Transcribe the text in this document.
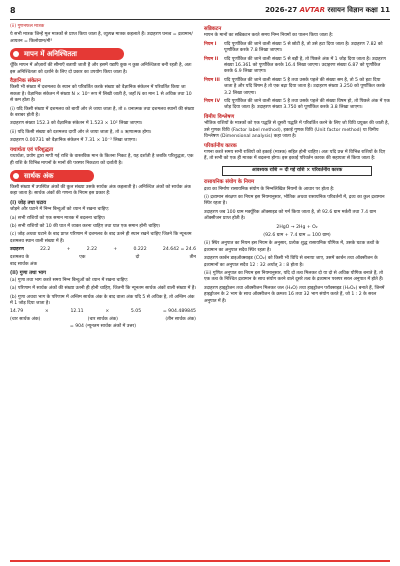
8	2026-27 AVTAR रसायन विज्ञान कक्षा 11

(ii) गुणनफल मात्रक

ये सभी मात्रक जिन्हें मूल मात्रकों से प्राप्त किया जाता है, व्युत्पन्न मात्रक कहलाते हैं। उदाहरण घनत्व = द्रव्यमान/आयतन = किलोग्राम/मी³

मापन में अनिश्चितता

चूँकि मापन में औज़ारों की सीमाएँ बतायी जाती हैं और इसमें यद्यपि कुछ न कुछ अनिश्चितता बनी रहती है, अतः इस अनिश्चितता को दर्शाने के लिए दो प्रकार का उपयोग किया जाता है।

वैज्ञानिक संकेतन

किसी भी संख्या में दशमलव के स्थान को परिवर्तित करके संख्या को वैज्ञानिक संकेतन में परिवर्तित किया जा सकता है। वैज्ञानिक संकेतन में संख्या N × 10ⁿ रूप में लिखी जाती है, जहाँ N का मान 1 से अधिक तथा 10 से कम होता है।

(i) यदि किसी संख्या में दशमलव को बायीं ओर ले जाया जाता है, तो n धनात्मक तथा दशमलव स्थानों की संख्या के बराबर होती है।

उदाहरण संख्या 152.3 को वैज्ञानिक संकेतन में 1.523 × 10² लिखा जाएगा।

(ii) यदि किसी संख्या को दशमलव दायीं ओर ले जाया जाता है, तो n ऋणात्मक होगा।

उदाहरण 0.00731 को वैज्ञानिक संकेतन में 7.31 × 10⁻³ लिखा जाएगा।

यथार्थता एवं परिशुद्धता

यथार्थता, प्रयोग द्वारा मापी गई राशि के वास्तविक मान के कितना निकट है, यह दर्शाती है जबकि परिशुद्धता, एक ही राशि के विभिन्न मापनों के मानों की परस्पर निकटता को दर्शाती है।

सार्थक अंक

किसी संख्या में उपस्थित अंकों की कुल संख्या उसके सार्थक अंक कहलाती है। अनिश्चित अंकों को सार्थक अंक कहा जाता है। सार्थक अंकों की गणना के नियम इस प्रकार हैं:

(i) जोड़ तथा घटाव

जोड़ने और घटाने में निम्न बिन्दुओं को ध्यान में रखना चाहिए:

(a) सभी राशियों को एक समान मात्रक में बदलना चाहिए।

(b) सभी राशियों को 10 की घात में व्यक्त करना चाहिए तथा घात एक समान होनी चाहिए।

(c) जोड़ अथवा घटाने के बाद प्राप्त परिणाम में दशमलव के बाद उतने ही स्थान रखने चाहिए जितने कि न्यूनतम दशमलव स्थान वाली संख्या में हैं।

उदाहरण	22.2	+	2.22	+	0.222	24.642 = 24.6
दशमलव के	एक	दो	तीन

बाद सार्थक अंक

(ii) गुणा तथा भाग

(a) गुणा तथा भाग करते समय निम्न बिन्दुओं को ध्यान में रखना चाहिए:

(a) परिणाम में सार्थक अंकों की संख्या उतनी ही होनी चाहिए, जितनी कि न्यूनतम सार्थक अंकों वाली संख्या में हैं।

(b) गुणा अथवा भाग के परिणाम में अन्तिम सार्थक अंक के बाद वाला अंक यदि 5 से अधिक है, तो अन्तिम अंक में 1 जोड़ दिया जाता है।

14.79	×	12.11	×	5.05	= 904.489845
(चार सार्थक अंक)	(चार सार्थक अंक)	(तीन सार्थक अंक)

= 904 (न्यूनतम सार्थक अंकों में उत्तर)

सन्निकटन

मापन के मानों का सन्निकटन करते समय निम्न नियमों का पालन किया जाता है:

नियम I	यदि पूर्णांकित की जाने वाली संख्या 5 से छोटी है, तो उसे हटा दिया जाता है। उदाहरण 7.82 को पूर्णांकित करके 7.8 लिखा जाएगा।
नियम II	यदि पूर्णांकित की जाने वाली संख्या 5 से बड़ी है, तो पिछले अंक में 1 जोड़ दिया जाता है। उदाहरण संख्या 16.361 को पूर्णांकित करके 16.4 लिखा जाएगा। उदाहरण संख्या 6.87 को पूर्णांकित करके 6.9 लिखा जाएगा।
नियम III यदि पूर्णांकित की जाने वाली संख्या 5 है तथा उसके पहले की संख्या सम है, तो 5 को हटा दिया जाता है और यदि विषम है तो एक बढ़ा दिया जाता है। उदाहरण संख्या 3.250 को पूर्णांकित करके 3.2 लिखा जाएगा।
नियम IV यदि पूर्णांकित की जाने वाली संख्या 5 है तथा उसके पहले की संख्या विषम हो, तो पिछले अंक में एक जोड़ दिया जाता है। उदाहरण संख्या 3.750 को पूर्णांकित करके 3.8 लिखा जाएगा।
विमीय विश्लेषण

भौतिक राशियों के मात्रकों को एक पद्धति से दूसरी पद्धति में परिवर्तित करने के लिए जो विधि प्रयुक्त की जाती है, उसे गुणक विधि (Factor label method), इकाई गुणक विधि (Unit factor method) या विमीय विश्लेषण (Dimensional analysis) कहा जाता है।

परिवर्तनीय कारक

गणना करते समय सभी राशियों को इकाई (मात्रक) सहित होनी चाहिए। अतः यदि प्रश्न में विभिन्न राशियों के दिए हैं, तो सभी को एक ही मात्रक में बदलना होगा। इस इकाई परिवर्तन कारक की सहायता से किया जाता है:

आवश्यक राशि = दी गई राशि × परिवर्तनीय कारक
रासायनिक संयोग के नियम

द्रव्य का निर्माण रासायनिक संयोग के निम्नलिखित नियमों के आधार पर होता है:

(i) द्रव्यमान संरक्षण का नियम इस नियमानुसार, भौतिक अथवा रासायनिक परिवर्तनों में, द्रव्य का कुल द्रव्यमान स्थिर रहता है।

उदाहरण जब 100 ग्राम मर्क्यूरिक ऑक्साइड को गर्म किया जाता है, तो 92.6 ग्राम मर्करी तथा 7.4 ग्राम ऑक्सीजन प्राप्त होती है।

2HgO → 2Hg + O₂

(92.6 ग्राम + 7.4 ग्राम = 100 ग्राम)

(ii) स्थिर अनुपात का नियम इस नियम के अनुसार, प्रत्येक शुद्ध रासायनिक यौगिक में, उसके घटक तत्वों के द्रव्यमान का अनुपात सदैव स्थिर रहता है।

उदाहरण कार्बन डाइऑक्साइड (CO₂) को किसी भी विधि से बनाया जाए, उसमें कार्बन तथा ऑक्सीजन के द्रव्यमानों का अनुपात सदैव 12 : 32 अर्थात् 3 : 8 होता है।

(iii) गुणित अनुपात का नियम इस नियमानुसार, यदि दो तत्व मिलकर दो या दो से अधिक यौगिक बनाते हैं, तो एक तत्व के निश्चित द्रव्यमान के साथ संयोग करने वाले दूसरे तत्व के द्रव्यमान परस्पर सरल अनुपात में होते हैं।

उदाहरण हाइड्रोजन तथा ऑक्सीजन मिलकर जल (H₂O) तथा हाइड्रोजन परॉक्साइड (H₂O₂) बनाते हैं, जिनमें हाइड्रोजन के 2 भाग के साथ ऑक्सीजन के क्रमशः 16 तथा 32 भाग संयोग करते हैं, जो 1 : 2 के सरल अनुपात में हैं।
